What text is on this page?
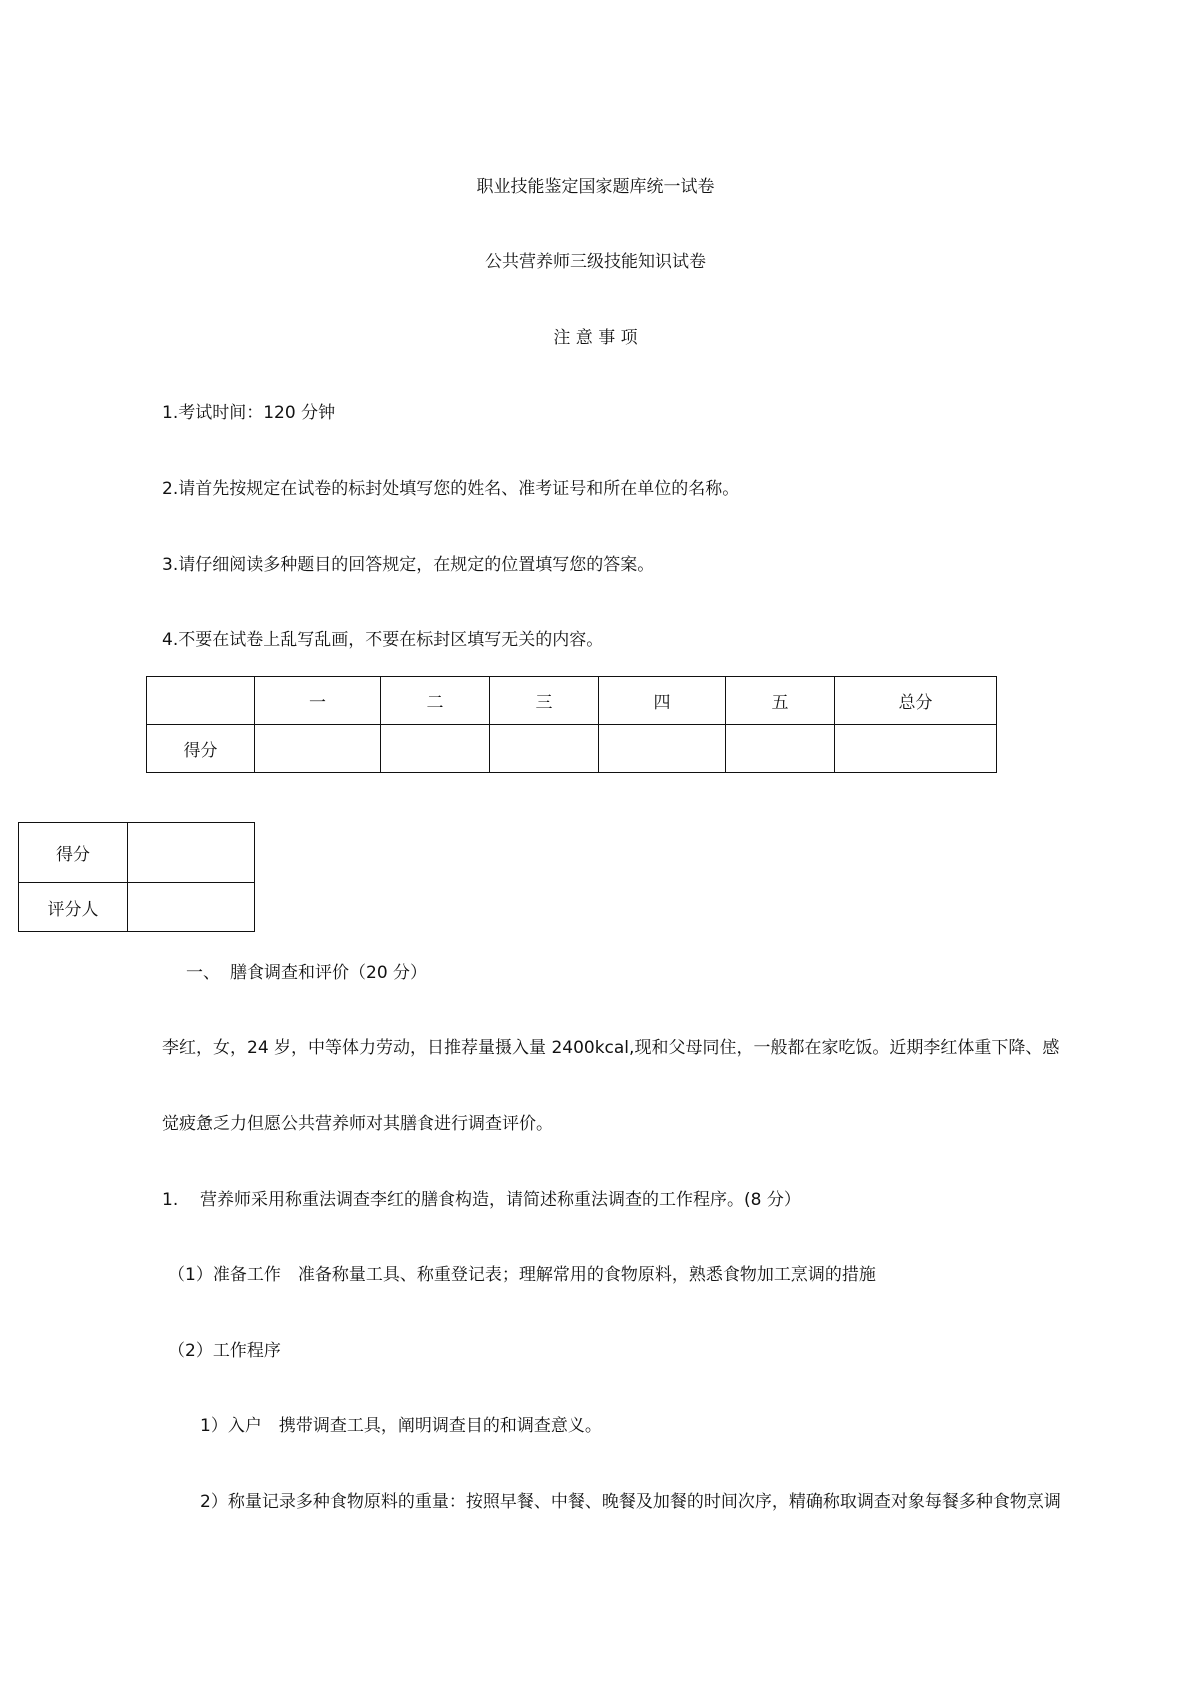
职业技能鉴定国家题库统一试卷
公共营养师三级技能知识试卷
注 意 事 项
1.考试时间：120 分钟
2.请首先按规定在试卷的标封处填写您的姓名、准考证号和所在单位的名称。
3.请仔细阅读多种题目的回答规定，在规定的位置填写您的答案。
4.不要在试卷上乱写乱画，不要在标封区填写无关的内容。
	一	二	三	四	五	总分
得分						
得分	
评分人	
一、 膳食调查和评价（20 分）
李红，女，24 岁，中等体力劳动，日推荐量摄入量 2400kcal,现和父母同住，一般都在家吃饭。近期李红体重下降、感
觉疲惫乏力但愿公共营养师对其膳食进行调查评价。
1. 营养师采用称重法调查李红的膳食构造，请简述称重法调查的工作程序。(8 分）
（1）准备工作　准备称量工具、称重登记表；理解常用的食物原料，熟悉食物加工烹调的措施
（2）工作程序
1）入户　携带调查工具，阐明调查目的和调查意义。
2）称量记录多种食物原料的重量：按照早餐、中餐、晚餐及加餐的时间次序，精确称取调查对象每餐多种食物烹调
